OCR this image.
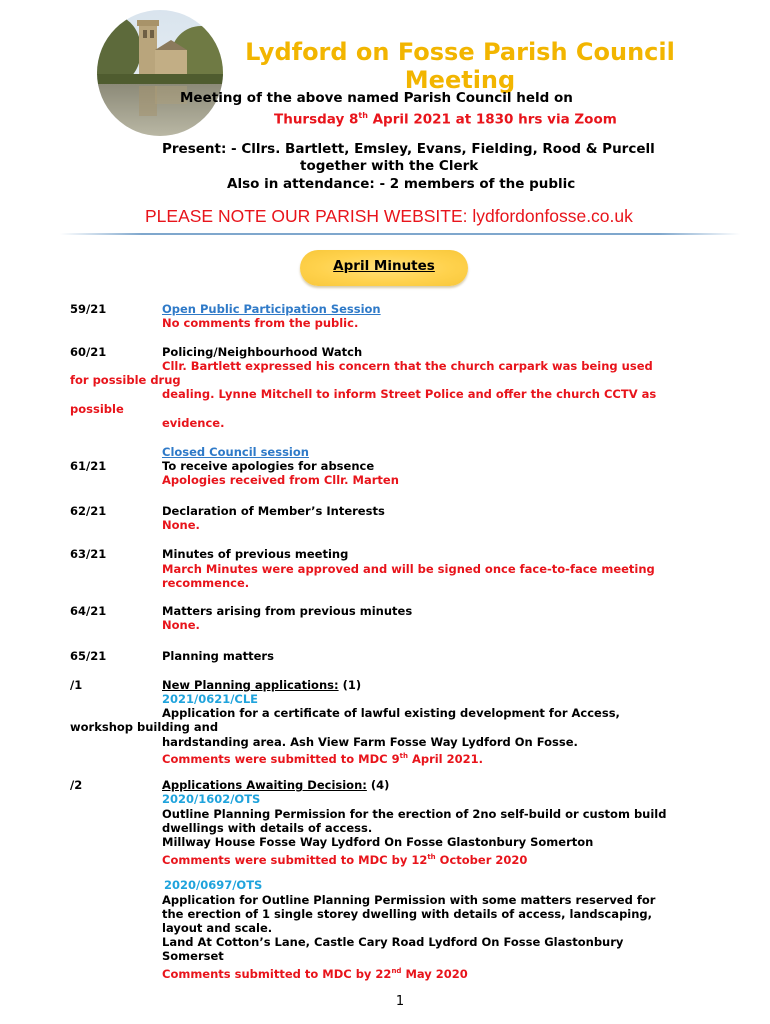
Lydford on Fosse Parish Council
Meeting
Meeting of the above named Parish Council held on
Thursday 8th April 2021 at 1830 hrs via Zoom
Present: - Cllrs. Bartlett, Emsley, Evans, Fielding, Rood & Purcell
together with the Clerk
Also in attendance: - 2 members of the public
PLEASE NOTE OUR PARISH WEBSITE: lydfordonfosse.co.uk
April Minutes
59/21	Open Public Participation Session
No comments from the public.
60/21	Policing/Neighbourhood Watch
Cllr. Bartlett expressed his concern that the church carpark was being used
for possible drug
dealing. Lynne Mitchell to inform Street Police and offer the church CCTV as
possible
evidence.
Closed Council session
61/21	To receive apologies for absence
Apologies received from Cllr. Marten
62/21	Declaration of Member’s Interests
None.
63/21	Minutes of previous meeting
March Minutes were approved and will be signed once face-to-face meeting
recommence.
64/21	Matters arising from previous minutes
None.
65/21	Planning matters
/1	New Planning applications: (1)
2021/0621/CLE
Application for a certificate of lawful existing development for Access,
workshop building and
hardstanding area. Ash View Farm Fosse Way Lydford On Fosse.
Comments were submitted to MDC 9th April 2021.
/2	Applications Awaiting Decision: (4)
2020/1602/OTS
Outline Planning Permission for the erection of 2no self-build or custom build
dwellings with details of access.
Millway House Fosse Way Lydford On Fosse Glastonbury Somerton
Comments were submitted to MDC by 12th October 2020
2020/0697/OTS
Application for Outline Planning Permission with some matters reserved for
the erection of 1 single storey dwelling with details of access, landscaping,
layout and scale.
Land At Cotton’s Lane, Castle Cary Road Lydford On Fosse Glastonbury
Somerset
Comments submitted to MDC by 22nd May 2020
1
